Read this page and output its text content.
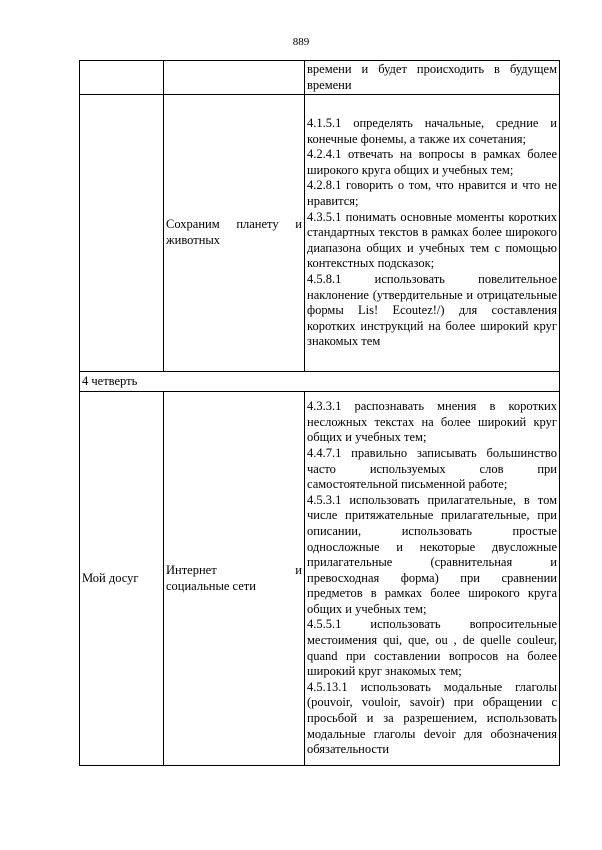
889

		времени и будет происходить в будущем времени

	Сохраним планету и
животных	4.1.5.1 определять начальные, средние и конечные фонемы, а также их сочетания;
4.2.4.1 отвечать на вопросы в рамках более широкого круга общих и учебных тем;
4.2.8.1 говорить о том, что нравится и что не нравится;
4.3.5.1 понимать основные моменты коротких стандартных текстов в рамках более широкого диапазона общих и учебных тем с помощью контекстных подсказок;
4.5.8.1 использовать повелительное наклонение (утвердительные и отрицательные формы Lis! Ecoutez!/) для составления коротких инструкций на более широкий круг знакомых тем

4 четверть		
Мой досуг	Интернет и
социальные сети	4.3.3.1 распознавать мнения в коротких несложных текстах на более широкий круг общих и учебных тем;
4.4.7.1 правильно записывать большинство часто используемых слов при самостоятельной письменной работе;
4.5.3.1 использовать прилагательные, в том числе притяжательные прилагательные, при описании, использовать простые односложные и некоторые двусложные прилагательные (сравнительная и превосходная форма) при сравнении предметов в рамках более широкого круга общих и учебных тем;
4.5.5.1 использовать вопросительные местоимения qui, que, ou , de quelle couleur, quand при составлении вопросов на более широкий круг знакомых тем;
4.5.13.1 использовать модальные глаголы (pouvoir, vouloir, savoir) при обращении с просьбой и за разрешением, использовать модальные глаголы devoir для обозначения обязательности
